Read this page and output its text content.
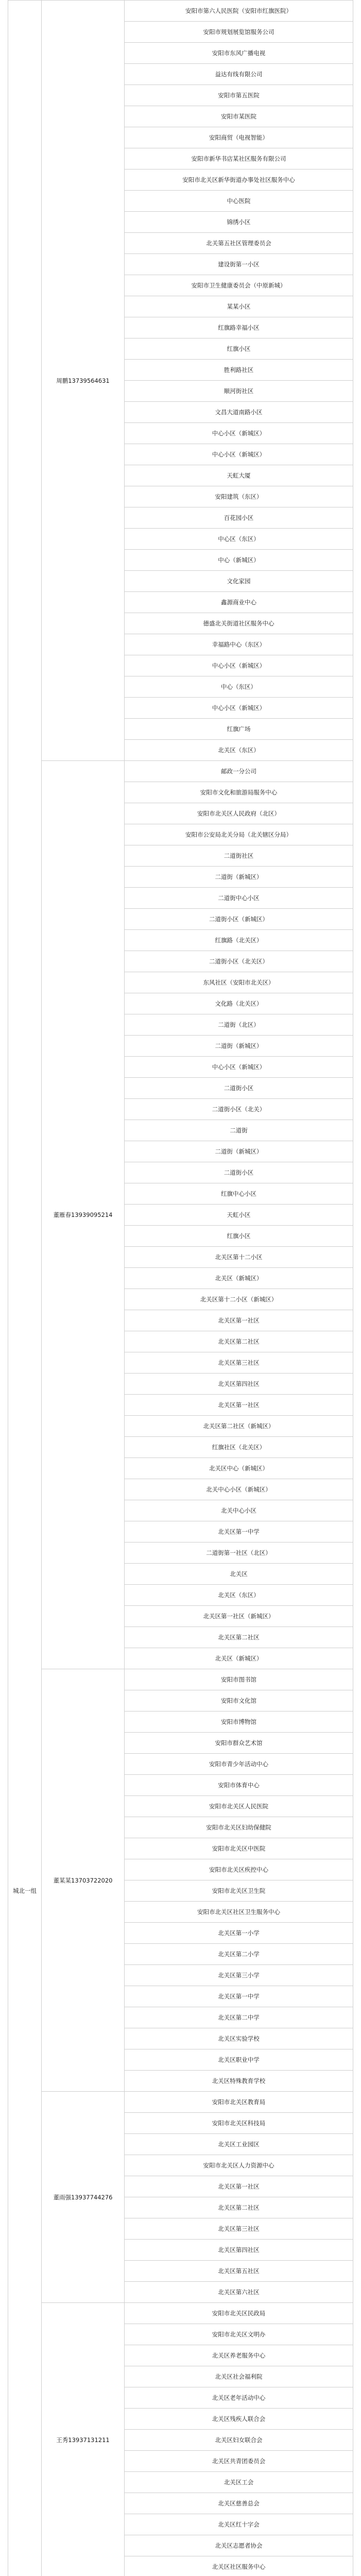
城北一组	周鹏13739564631	安阳市第六人民医院（安阳市红旗医院）
		安阳市规划展览馆服务公司
		安阳市东风广播电视
		益达有线有限公司
		安阳市第五医院
		安阳市某医院
		安阳商贸（电视智能）
		安阳市新华书店某社区服务有限公司
		安阳市北关区新华街道办事处社区服务中心
		中心医院
		锦绣小区
		北关第五社区管理委员会
		建设街第一小区
		安阳市卫生健康委员会（中原新城）
		某某小区
		红旗路幸福小区
		红旗小区
		胜利路社区
		顺河街社区
		文昌大道南路小区
		中心小区（新城区）
		中心小区（新城区）
		天虹大厦
		安阳建筑（东区）
		百花园小区
		中心区（东区）
		中心（新城区）
		文化家园
		鑫源商业中心
		德盛北关街道社区服务中心
		幸福路中心（东区）
		中心小区（新城区）
		中心（东区）
		中心小区（新城区）
		红旗广场
		北关区（东区）
	董雁春13939095214	邮政一分公司
		安阳市文化和旅游局服务中心
		安阳市北关区人民政府（北区）
		安阳市公安局北关分局（北关辖区分局）
		二道街社区
		二道街（新城区）
		二道街中心小区
		二道街小区（新城区）
		红旗路（北关区）
		二道街小区（北关区）
		东风社区（安阳市北关区）
		文化路（北关区）
		二道街（北区）
		二道街（新城区）
		中心小区（新城区）
		二道街小区
		二道街小区（北关）
		二道街
		二道街（新城区）
		二道街小区
		红旗中心小区
		天虹小区
		红旗小区
		北关区第十二小区
		北关区（新城区）
		北关区第十二小区（新城区）
		北关区第一社区
		北关区第二社区
		北关区第三社区
		北关区第四社区
		北关区第一社区
		北关区第二社区（新城区）
		红旗社区（北关区）
		北关区中心（新城区）
		北关中心小区（新城区）
		北关中心小区
		北关区第一中学
		二道街第一社区（北区）
		北关区
		北关区（东区）
		北关区第一社区（新城区）
		北关区第二社区
		北关区（新城区）
	董某某13703722020	安阳市图书馆
		安阳市文化馆
		安阳市博物馆
		安阳市群众艺术馆
		安阳市青少年活动中心
		安阳市体育中心
		安阳市北关区人民医院
		安阳市北关区妇幼保健院
		安阳市北关区中医院
		安阳市北关区疾控中心
		安阳市北关区卫生院
		安阳市北关区社区卫生服务中心
		北关区第一小学
		北关区第二小学
		北关区第三小学
		北关区第一中学
		北关区第二中学
		北关区实验学校
		北关区职业中学
		北关区特殊教育学校
	董雨强13937744276	安阳市北关区教育局
		安阳市北关区科技局
		北关区工业园区
		安阳市北关区人力资源中心
		北关区第一社区
		北关区第二社区
		北关区第三社区
		北关区第四社区
		北关区第五社区
		北关区第六社区
	王秀13937131211	安阳市北关区民政局
		安阳市北关区文明办
		北关区养老服务中心
		北关区社会福利院
		北关区老年活动中心
		北关区残疾人联合会
		北关区妇女联合会
		北关区共青团委员会
		北关区工会
		北关区慈善总会
		北关区红十字会
		北关区志愿者协会
		北关区社区服务中心
